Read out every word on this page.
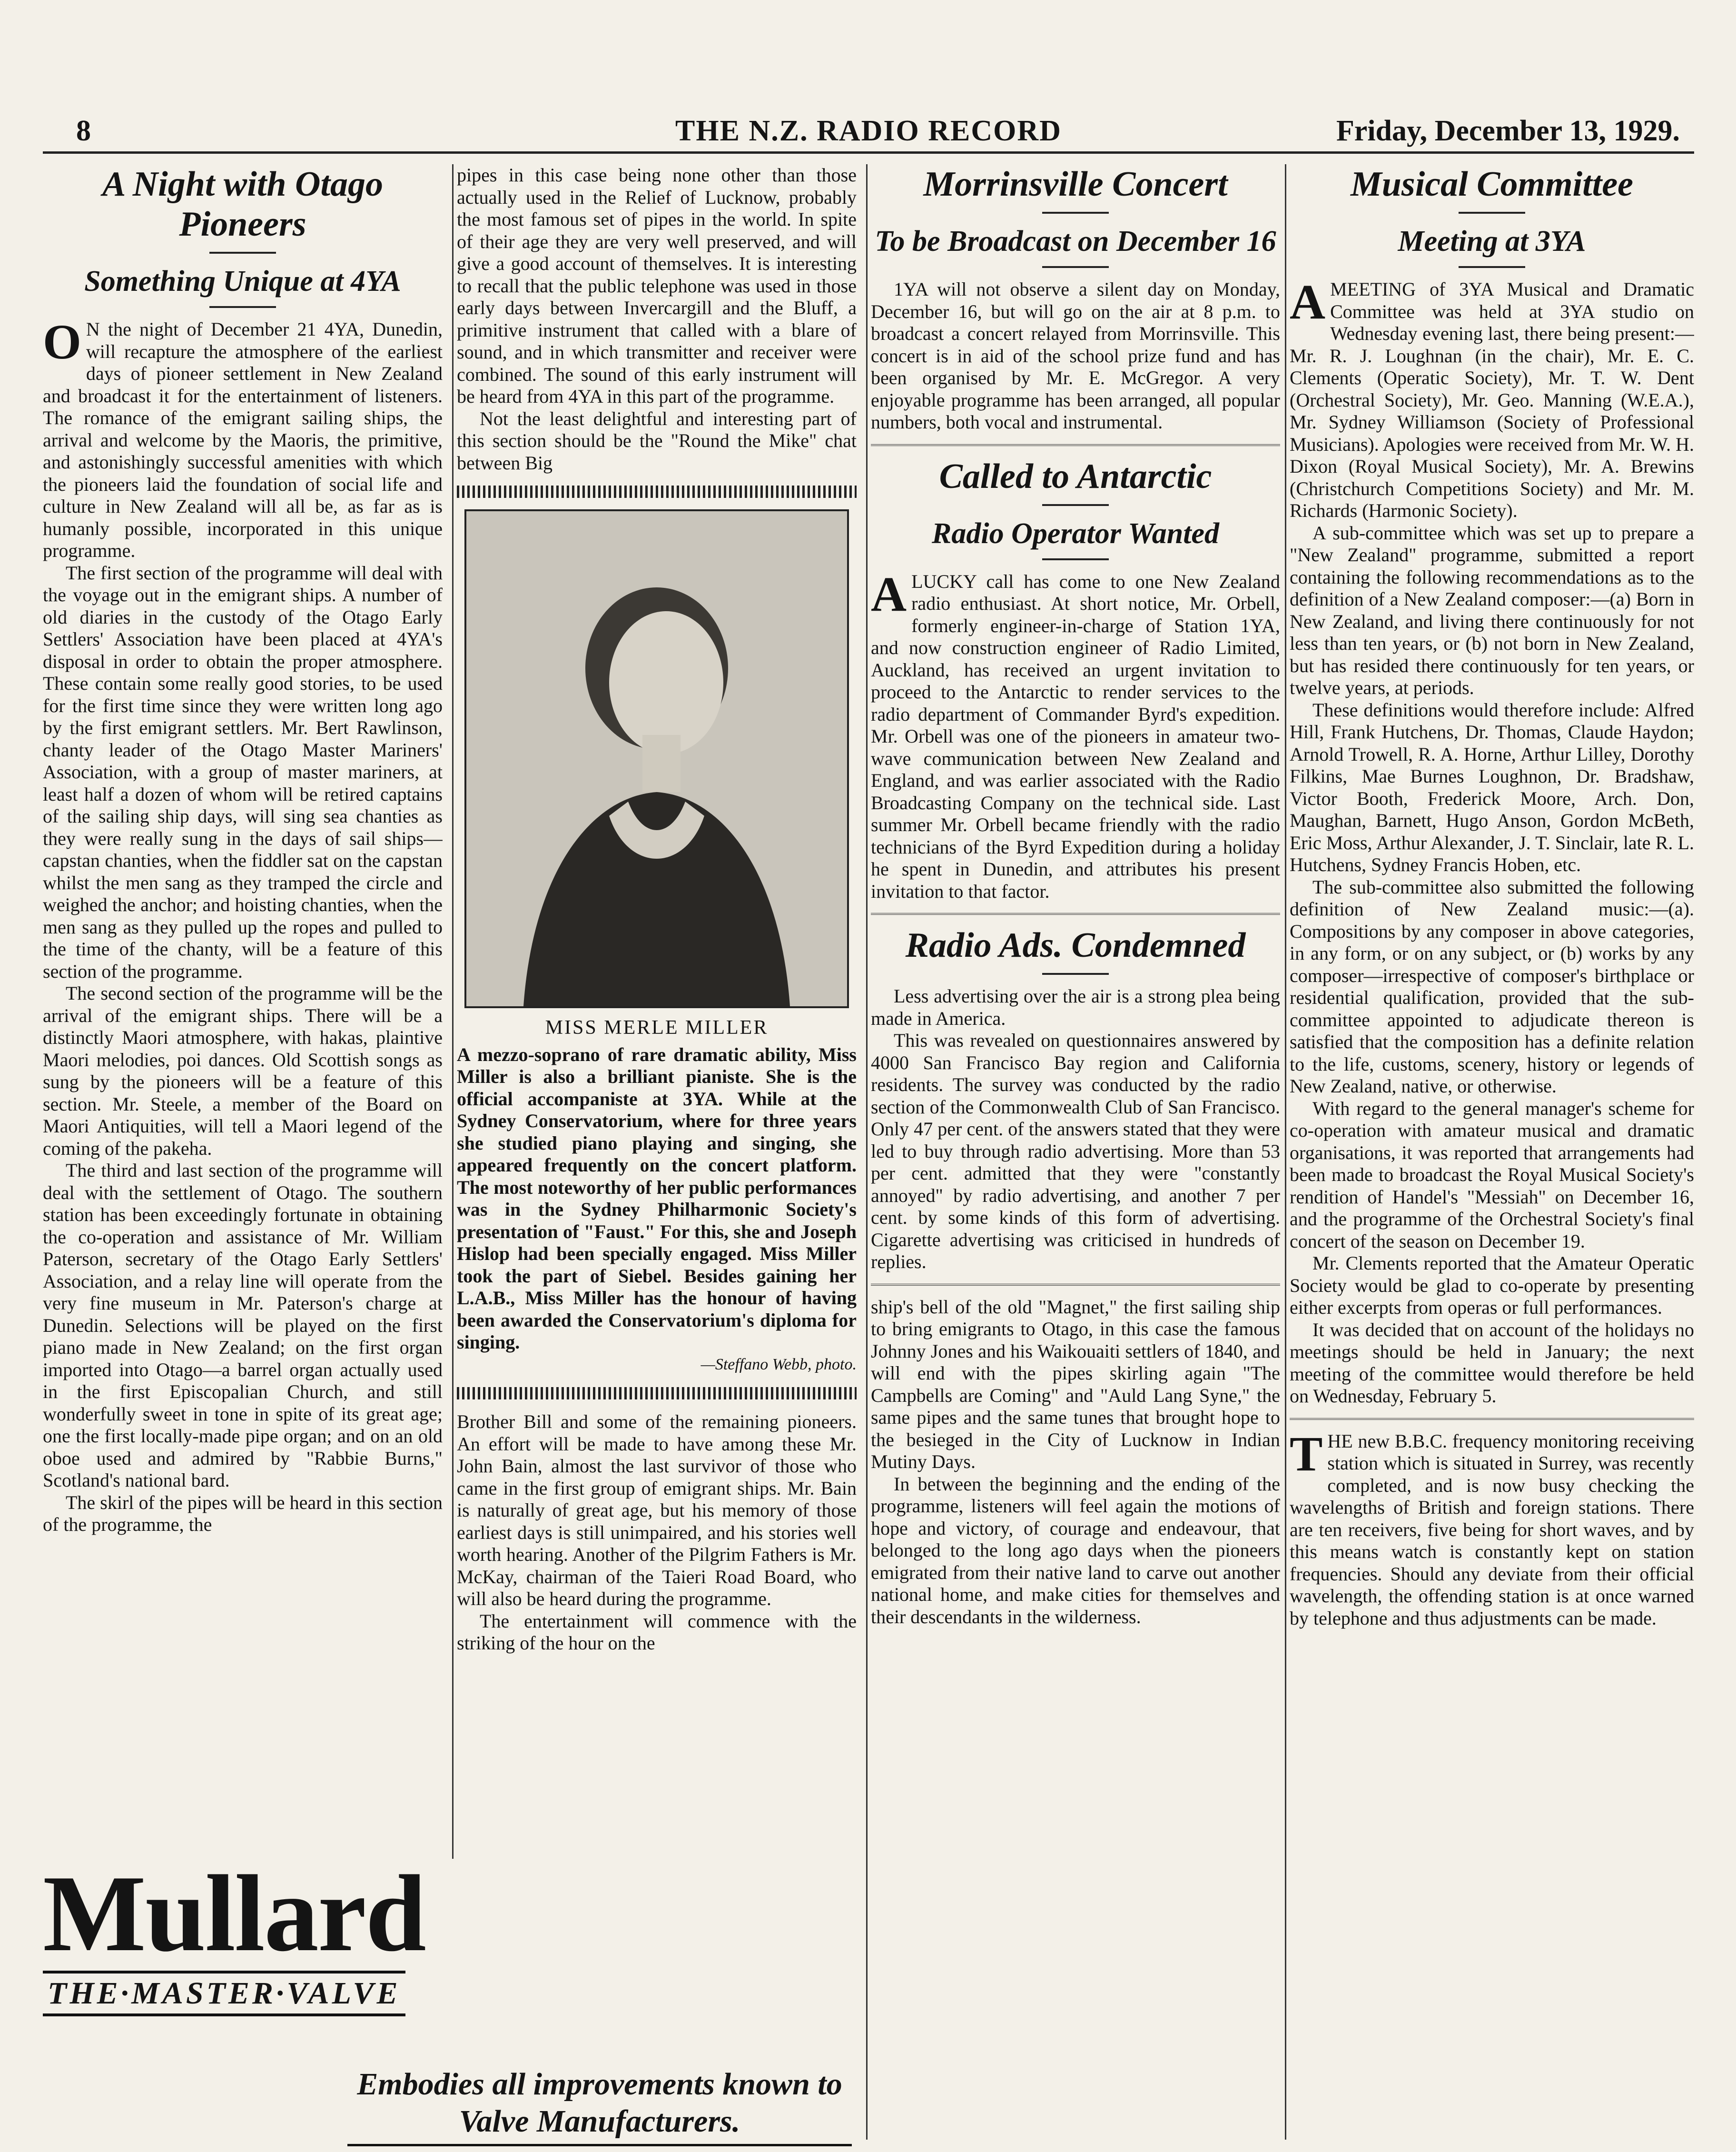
8	THE N.Z. RADIO RECORD	Friday, December 13, 1929.
A Night with Otago Pioneers
Something Unique at 4YA

O N the night of December 21 4YA, Dunedin, will recapture the atmosphere of the earliest days of pioneer settlement in New Zealand and broadcast it for the entertainment of listeners. The romance of the emigrant sailing ships, the arrival and welcome by the Maoris, the primitive, and astonishingly successful amenities with which the pioneers laid the foundation of social life and culture in New Zealand will all be, as far as is humanly possible, incorporated in this unique programme.

The first section of the programme will deal with the voyage out in the emigrant ships. A number of old diaries in the custody of the Otago Early Settlers' Association have been placed at 4YA's disposal in order to obtain the proper atmosphere. These contain some really good stories, to be used for the first time since they were written long ago by the first emigrant settlers. Mr. Bert Rawlinson, chanty leader of the Otago Master Mariners' Association, with a group of master mariners, at least half a dozen of whom will be retired captains of the sailing ship days, will sing sea chanties as they were really sung in the days of sail ships—capstan chanties, when the fiddler sat on the capstan whilst the men sang as they tramped the circle and weighed the anchor; and hoisting chanties, when the men sang as they pulled up the ropes and pulled to the time of the chanty, will be a feature of this section of the programme.

The second section of the programme will be the arrival of the emigrant ships. There will be a distinctly Maori atmosphere, with hakas, plaintive Maori melodies, poi dances. Old Scottish songs as sung by the pioneers will be a feature of this section. Mr. Steele, a member of the Board on Maori Antiquities, will tell a Maori legend of the coming of the pakeha.

The third and last section of the programme will deal with the settlement of Otago. The southern station has been exceedingly fortunate in obtaining the co-operation and assistance of Mr. William Paterson, secretary of the Otago Early Settlers' Association, and a relay line will operate from the very fine museum in Mr. Paterson's charge at Dunedin. Selections will be played on the first piano made in New Zealand; on the first organ imported into Otago—a barrel organ actually used in the first Episcopalian Church, and still wonderfully sweet in tone in spite of its great age; one the first locally-made pipe organ; and on an old oboe used and admired by "Rabbie Burns," Scotland's national bard.

The skirl of the pipes will be heard in this section of the programme, the

pipes in this case being none other than those actually used in the Relief of Lucknow, probably the most famous set of pipes in the world. In spite of their age they are very well preserved, and will give a good account of themselves. It is interesting to recall that the public telephone was used in those early days between Invercargill and the Bluff, a primitive instrument that called with a blare of sound, and in which transmitter and receiver were combined. The sound of this early instrument will be heard from 4YA in this part of the programme.

Not the least delightful and interesting part of this section should be the "Round the Mike" chat between Big

MISS MERLE MILLER
A mezzo-soprano of rare dramatic ability, Miss Miller is also a brilliant pianiste. She is the official accompaniste at 3YA. While at the Sydney Conservatorium, where for three years she studied piano playing and singing, she appeared frequently on the concert platform. The most noteworthy of her public performances was in the Sydney Philharmonic Society's presentation of "Faust." For this, she and Joseph Hislop had been specially engaged. Miss Miller took the part of Siebel. Besides gaining her L.A.B., Miss Miller has the honour of having been awarded the Conservatorium's diploma for singing.
—Steffano Webb, photo.

Brother Bill and some of the remaining pioneers. An effort will be made to have among these Mr. John Bain, almost the last survivor of those who came in the first group of emigrant ships. Mr. Bain is naturally of great age, but his memory of those earliest days is still unimpaired, and his stories well worth hearing. Another of the Pilgrim Fathers is Mr. McKay, chairman of the Taieri Road Board, who will also be heard during the programme.

The entertainment will commence with the striking of the hour on the

Morrinsville Concert
To be Broadcast on December 16

1YA will not observe a silent day on Monday, December 16, but will go on the air at 8 p.m. to broadcast a concert relayed from Morrinsville. This concert is in aid of the school prize fund and has been organised by Mr. E. McGregor. A very enjoyable programme has been arranged, all popular numbers, both vocal and instrumental.

Called to Antarctic
Radio Operator Wanted

ALUCKY call has come to one New Zealand radio enthusiast. At short notice, Mr. Orbell, formerly engineer-in-charge of Station 1YA, and now construction engineer of Radio Limited, Auckland, has received an urgent invitation to proceed to the Antarctic to render services to the radio department of Commander Byrd's expedition. Mr. Orbell was one of the pioneers in amateur two-wave communication between New Zealand and England, and was earlier associated with the Radio Broadcasting Company on the technical side. Last summer Mr. Orbell became friendly with the radio technicians of the Byrd Expedition during a holiday he spent in Dunedin, and attributes his present invitation to that factor.

Radio Ads. Condemned

Less advertising over the air is a strong plea being made in America.

This was revealed on questionnaires answered by 4000 San Francisco Bay region and California residents. The survey was conducted by the radio section of the Commonwealth Club of San Francisco. Only 47 per cent. of the answers stated that they were led to buy through radio advertising. More than 53 per cent. admitted that they were "constantly annoyed" by radio advertising, and another 7 per cent. by some kinds of this form of advertising. Cigarette advertising was criticised in hundreds of replies.

ship's bell of the old "Magnet," the first sailing ship to bring emigrants to Otago, in this case the famous Johnny Jones and his Waikouaiti settlers of 1840, and will end with the pipes skirling again "The Campbells are Coming" and "Auld Lang Syne," the same pipes and the same tunes that brought hope to the besieged in the City of Lucknow in Indian Mutiny Days.

In between the beginning and the ending of the programme, listeners will feel again the motions of hope and victory, of courage and endeavour, that belonged to the long ago days when the pioneers emigrated from their native land to carve out another national home, and make cities for themselves and their descendants in the wilderness.

Musical Committee
Meeting at 3YA

AMEETING of 3YA Musical and Dramatic Committee was held at 3YA studio on Wednesday evening last, there being present:—Mr. R. J. Loughnan (in the chair), Mr. E. C. Clements (Operatic Society), Mr. T. W. Dent (Orchestral Society), Mr. Geo. Manning (W.E.A.), Mr. Sydney Williamson (Society of Professional Musicians). Apologies were received from Mr. W. H. Dixon (Royal Musical Society), Mr. A. Brewins (Christchurch Competitions Society) and Mr. M. Richards (Harmonic Society).

A sub-committee which was set up to prepare a "New Zealand" programme, submitted a report containing the following recommendations as to the definition of a New Zealand composer:—(a) Born in New Zealand, and living there continuously for not less than ten years, or (b) not born in New Zealand, but has resided there continuously for ten years, or twelve years, at periods.

These definitions would therefore include: Alfred Hill, Frank Hutchens, Dr. Thomas, Claude Haydon; Arnold Trowell, R. A. Horne, Arthur Lilley, Dorothy Filkins, Mae Burnes Loughnon, Dr. Bradshaw, Victor Booth, Frederick Moore, Arch. Don, Maughan, Barnett, Hugo Anson, Gordon McBeth, Eric Moss, Arthur Alexander, J. T. Sinclair, late R. L. Hutchens, Sydney Francis Hoben, etc.

The sub-committee also submitted the following definition of New Zealand music:—(a). Compositions by any composer in above categories, in any form, or on any subject, or (b) works by any composer—irrespective of composer's birthplace or residential qualification, provided that the sub-committee appointed to adjudicate thereon is satisfied that the composition has a definite relation to the life, customs, scenery, history or legends of New Zealand, native, or otherwise.

With regard to the general manager's scheme for co-operation with amateur musical and dramatic organisations, it was reported that arrangements had been made to broadcast the Royal Musical Society's rendition of Handel's "Messiah" on December 16, and the programme of the Orchestral Society's final concert of the season on December 19.

Mr. Clements reported that the Amateur Operatic Society would be glad to co-operate by presenting either excerpts from operas or full performances.

It was decided that on account of the holidays no meetings should be held in January; the next meeting of the committee would therefore be held on Wednesday, February 5.

THE new B.B.C. frequency monitoring receiving station which is situated in Surrey, was recently completed, and is now busy checking the wavelengths of British and foreign stations. There are ten receivers, five being for short waves, and by this means watch is constantly kept on station frequencies. Should any deviate from their official wavelength, the offending station is at once warned by telephone and thus adjustments can be made.

Mullard
THE·MASTER·VALVE
Embodies all improvements known to Valve Manufacturers.
